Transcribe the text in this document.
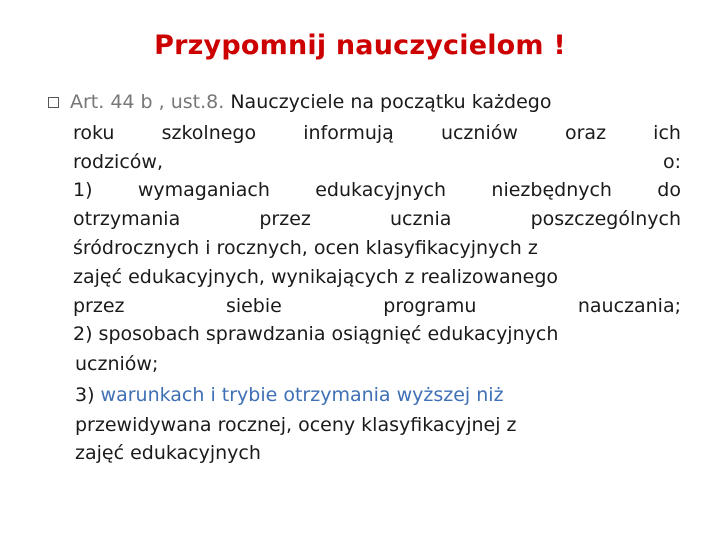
Przypomnij nauczycielom !
Art. 44 b , ust.8. Nauczyciele na początku każdego
roku szkolnego informują uczniów oraz ich
rodziców,	o:
1) wymaganiach edukacyjnych niezbędnych do
otrzymania	przez	ucznia	poszczególnych
śródrocznych i rocznych, ocen klasyfikacyjnych z
zajęć edukacyjnych, wynikających z realizowanego
przez	siebie	programu	nauczania;
2) sposobach sprawdzania osiągnięć edukacyjnych
uczniów;
3) warunkach i trybie otrzymania wyższej niż
przewidywana rocznej, oceny klasyfikacyjnej z
zajęć edukacyjnych
